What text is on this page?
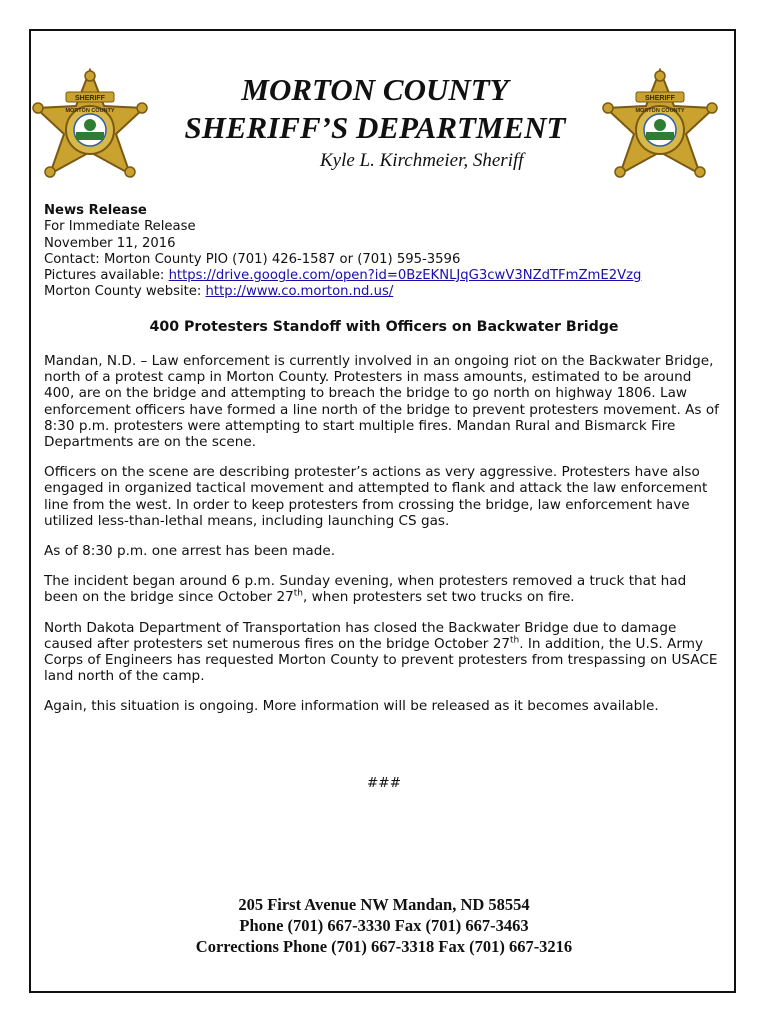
SHERIFF
MORTON COUNTY
SHERIFF
MORTON COUNTY
MORTON COUNTY
SHERIFF’S DEPARTMENT
Kyle L. Kirchmeier, Sheriff
News Release
For Immediate Release
November 11, 2016
Contact: Morton County PIO (701) 426-1587 or (701) 595-3596
Pictures available: https://drive.google.com/open?id=0BzEKNLJqG3cwV3NZdTFmZmE2Vzg
Morton County website: http://www.co.morton.nd.us/
400 Protesters Standoff with Officers on Backwater Bridge

Mandan, N.D. – Law enforcement is currently involved in an ongoing riot on the Backwater Bridge, north of a protest camp in Morton County. Protesters in mass amounts, estimated to be around 400, are on the bridge and attempting to breach the bridge to go north on highway 1806. Law enforcement officers have formed a line north of the bridge to prevent protesters movement. As of 8:30 p.m. protesters were attempting to start multiple fires. Mandan Rural and Bismarck Fire Departments are on the scene.

Officers on the scene are describing protester’s actions as very aggressive. Protesters have also engaged in organized tactical movement and attempted to flank and attack the law enforcement line from the west. In order to keep protesters from crossing the bridge, law enforcement have utilized less-than-lethal means, including launching CS gas.

As of 8:30 p.m. one arrest has been made.

The incident began around 6 p.m. Sunday evening, when protesters removed a truck that had been on the bridge since October 27th, when protesters set two trucks on fire.

North Dakota Department of Transportation has closed the Backwater Bridge due to damage caused after protesters set numerous fires on the bridge October 27th. In addition, the U.S. Army Corps of Engineers has requested Morton County to prevent protesters from trespassing on USACE land north of the camp.

Again, this situation is ongoing. More information will be released as it becomes available.

###
205 First Avenue NW Mandan, ND 58554
Phone (701) 667-3330 Fax (701) 667-3463
Corrections Phone (701) 667-3318 Fax (701) 667-3216
